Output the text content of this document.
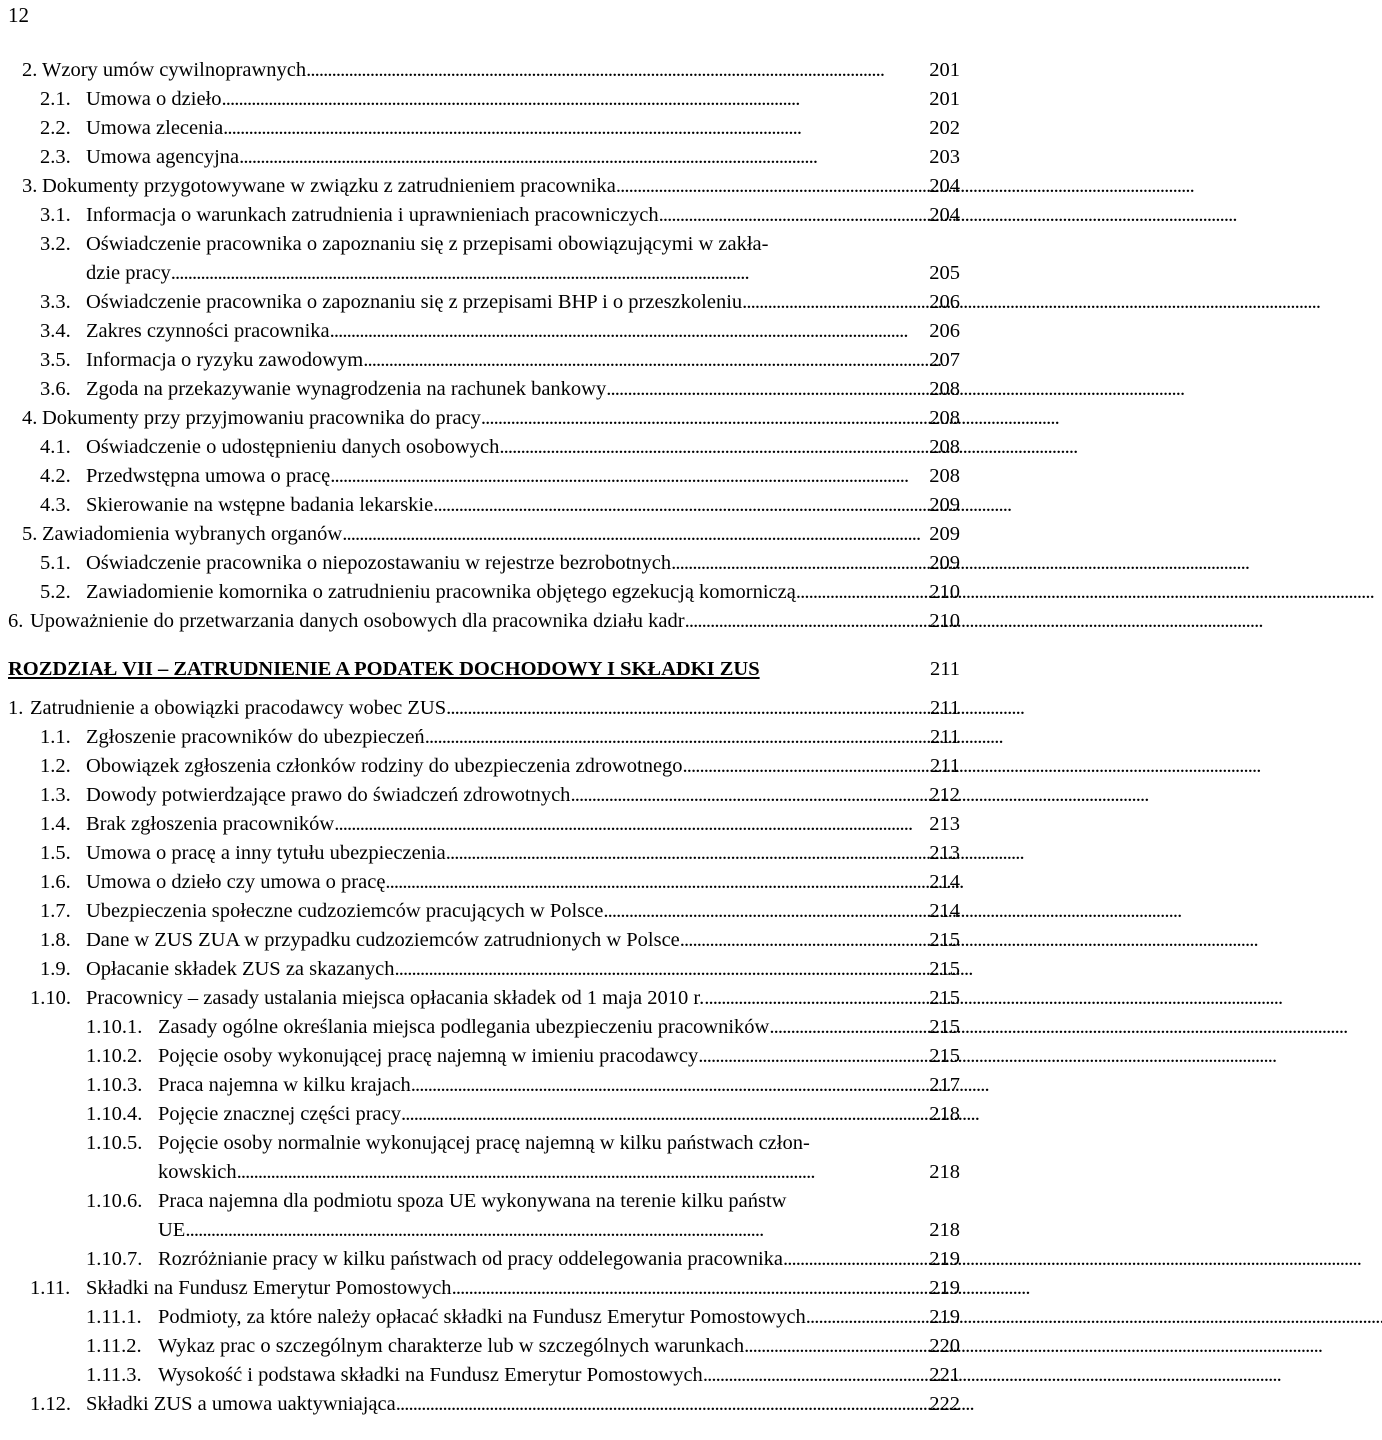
12
2. Wzory umów cywilnoprawnych . . .	201
2.1. Umowa o dzieło . . .	201
2.2. Umowa zlecenia . . .	202
2.3. Umowa agencyjna . . .	203
3. Dokumenty przygotowywane w związku z zatrudnieniem pracownika . . .	204
3.1. Informacja o warunkach zatrudnienia i uprawnieniach pracowniczych . . .	204
3.2. Oświadczenie pracownika o zapoznaniu się z przepisami obowiązującymi w zakła-
dzie pracy . . .	205
3.3. Oświadczenie pracownika o zapoznaniu się z przepisami BHP i o przeszkoleniu . . .	206
3.4. Zakres czynności pracownika . . .	206
3.5. Informacja o ryzyku zawodowym . . .	207
3.6. Zgoda na przekazywanie wynagrodzenia na rachunek bankowy . . .	208
4. Dokumenty przy przyjmowaniu pracownika do pracy . . .	208
4.1. Oświadczenie o udostępnieniu danych osobowych . . .	208
4.2. Przedwstępna umowa o pracę . . .	208
4.3. Skierowanie na wstępne badania lekarskie . . .	209
5. Zawiadomienia wybranych organów . . .	209
5.1. Oświadczenie pracownika o niepozostawaniu w rejestrze bezrobotnych . . .	209
5.2. Zawiadomienie komornika o zatrudnieniu pracownika objętego egzekucją komorniczą . . .	210
6. Upoważnienie do przetwarzania danych osobowych dla pracownika działu kadr . . .	210
ROZDZIAŁ VII – ZATRUDNIENIE A PODATEK DOCHODOWY I SKŁADKI ZUS	211
1. Zatrudnienie a obowiązki pracodawcy wobec ZUS . . .	211
1.1. Zgłoszenie pracowników do ubezpieczeń . . .	211
1.2. Obowiązek zgłoszenia członków rodziny do ubezpieczenia zdrowotnego . . .	211
1.3. Dowody potwierdzające prawo do świadczeń zdrowotnych . . .	212
1.4. Brak zgłoszenia pracowników . . .	213
1.5. Umowa o pracę a inny tytułu ubezpieczenia . . .	213
1.6. Umowa o dzieło czy umowa o pracę . . .	214
1.7. Ubezpieczenia społeczne cudzoziemców pracujących w Polsce . . .	214
1.8. Dane w ZUS ZUA w przypadku cudzoziemców zatrudnionych w Polsce . . .	215
1.9. Opłacanie składek ZUS za skazanych . . .	215
1.10. Pracownicy – zasady ustalania miejsca opłacania składek od 1 maja 2010 r. . . .	215
1.10.1. Zasady ogólne określania miejsca podlegania ubezpieczeniu pracowników . . .	215
1.10.2. Pojęcie osoby wykonującej pracę najemną w imieniu pracodawcy . . .	215
1.10.3. Praca najemna w kilku krajach . . .	217
1.10.4. Pojęcie znacznej części pracy . . .	218
1.10.5. Pojęcie osoby normalnie wykonującej pracę najemną w kilku państwach człon-
kowskich . . .	218
1.10.6. Praca najemna dla podmiotu spoza UE wykonywana na terenie kilku państw
UE . . .	218
1.10.7. Rozróżnianie pracy w kilku państwach od pracy oddelegowania pracownika . . .	219
1.11. Składki na Fundusz Emerytur Pomostowych . . .	219
1.11.1. Podmioty, za które należy opłacać składki na Fundusz Emerytur Pomostowych . . .	219
1.11.2. Wykaz prac o szczególnym charakterze lub w szczególnych warunkach . . .	220
1.11.3. Wysokość i podstawa składki na Fundusz Emerytur Pomostowych . . .	221
1.12. Składki ZUS a umowa uaktywniająca . . .	222
